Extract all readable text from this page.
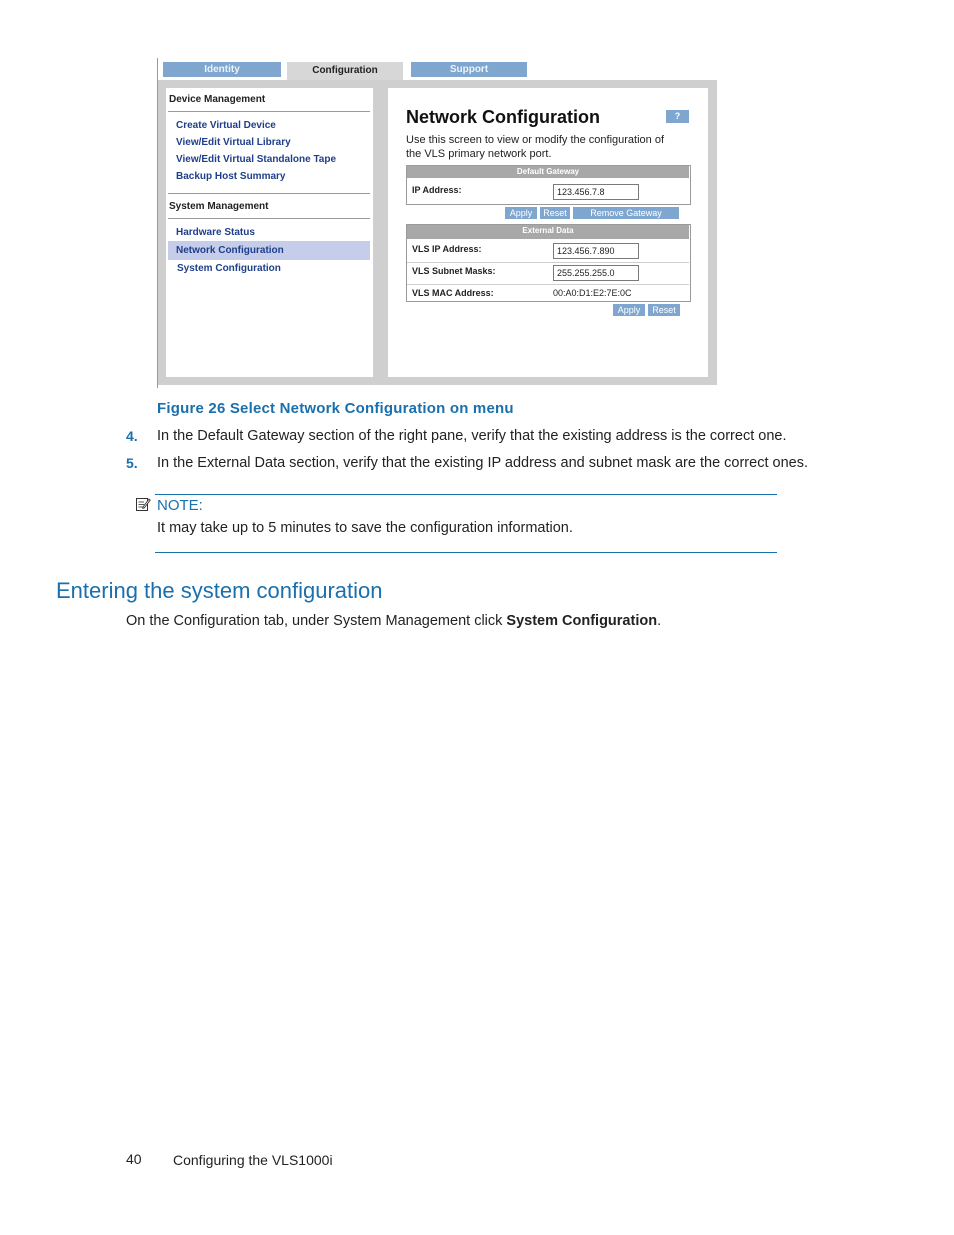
Identity	Configuration	Support
Device Management
Create Virtual Device
View/Edit Virtual Library
View/Edit Virtual Standalone Tape
Backup Host Summary
System Management
Hardware Status
Network Configuration
System Configuration
Network Configuration	?
Use this screen to view or modify the configuration of
the VLS primary network port.
Default Gateway
IP Address:	123.456.7.8
Apply	Reset	Remove Gateway
External Data
VLS IP Address:	123.456.7.890
VLS Subnet Masks:	255.255.255.0
VLS MAC Address:	00:A0:D1:E2:7E:0C
Apply	Reset
Figure 26 Select Network Configuration on menu
4. In the Default Gateway section of the right pane, verify that the existing address is the correct one.
5. In the External Data section, verify that the existing IP address and subnet mask are the correct ones.
NOTE:
It may take up to 5 minutes to save the configuration information.
Entering the system configuration
On the Configuration tab, under System Management click System Configuration.
40 Configuring the VLS1000i
